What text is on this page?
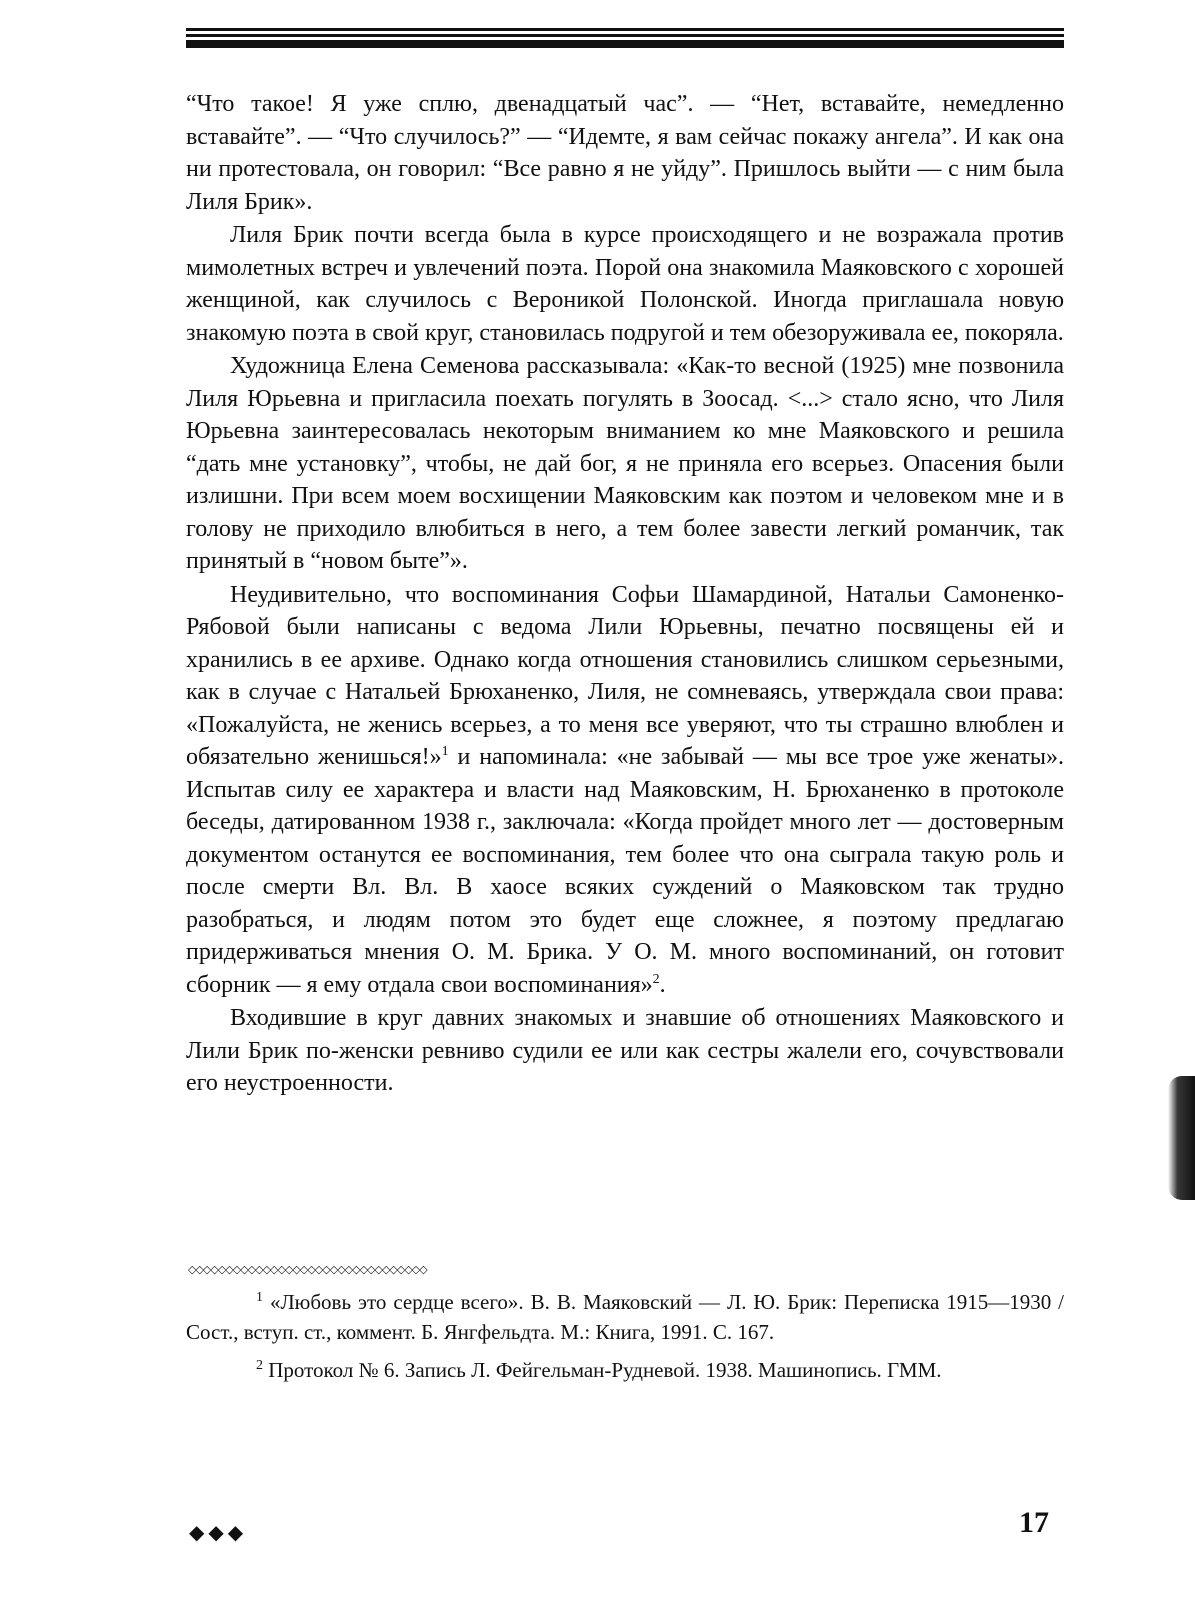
“Что такое! Я уже сплю, двенадцатый час”. — “Нет, вставайте, немедленно вставайте”. — “Что случилось?” — “Идемте, я вам сейчас покажу ангела”. И как она ни протестовала, он говорил: “Все равно я не уйду”. Пришлось выйти — с ним была Лиля Брик».

Лиля Брик почти всегда была в курсе происходящего и не возражала против мимолетных встреч и увлечений поэта. Порой она знакомила Маяковского с хорошей женщиной, как случилось с Вероникой Полонской. Иногда приглашала новую знакомую поэта в свой круг, становилась подругой и тем обезоруживала ее, покоряла.

Художница Елена Семенова рассказывала: «Как-то весной (1925) мне позвонила Лиля Юрьевна и пригласила поехать погулять в Зоосад. <...> стало ясно, что Лиля Юрьевна заинтересовалась некоторым вниманием ко мне Маяковского и решила “дать мне установку”, чтобы, не дай бог, я не приняла его всерьез. Опасения были излишни. При всем моем восхищении Маяковским как поэтом и человеком мне и в голову не приходило влюбиться в него, а тем более завести легкий романчик, так принятый в “новом быте”».

Неудивительно, что воспоминания Софьи Шамардиной, Натальи Самоненко-Рябовой были написаны с ведома Лили Юрьевны, печатно посвящены ей и хранились в ее архиве. Однако когда отношения становились слишком серьезными, как в случае с Натальей Брюханенко, Лиля, не сомневаясь, утверждала свои права: «Пожалуйста, не женись всерьез, а то меня все уверяют, что ты страшно влюблен и обязательно женишься!»$^1$ и напоминала: «не забывай — мы все трое уже женаты». Испытав силу ее характера и власти над Маяковским, Н. Брюханенко в протоколе беседы, датированном 1938 г., заключала: «Когда пройдет много лет — достоверным документом останутся ее воспоминания, тем более что она сыграла такую роль и после смерти Вл. Вл. В хаосе всяких суждений о Маяковском так трудно разобраться, и людям потом это будет еще сложнее, я поэтому предлагаю придерживаться мнения О. М. Брика. У О. М. много воспоминаний, он готовит сборник — я ему отдала свои воспоминания»$^2$.

Входившие в круг давних знакомых и знавшие об отношениях Маяковского и Лили Брик по-женски ревниво судили ее или как сестры жалели его, сочувствовали его неустроенности.

◇◇◇◇◇◇◇◇◇◇◇◇◇◇◇◇◇◇◇◇◇◇◇◇◇◇◇◇◇◇◇◇

$^1$ «Любовь это сердце всего». В. В. Маяковский — Л. Ю. Брик: Переписка 1915—1930 / Сост., вступ. ст., коммент. Б. Янгфельдта. М.: Книга, 1991. С. 167.

$^2$ Протокол № 6. Запись Л. Фейгельман-Рудневой. 1938. Машинопись. ГММ.

◆◆◆	17
